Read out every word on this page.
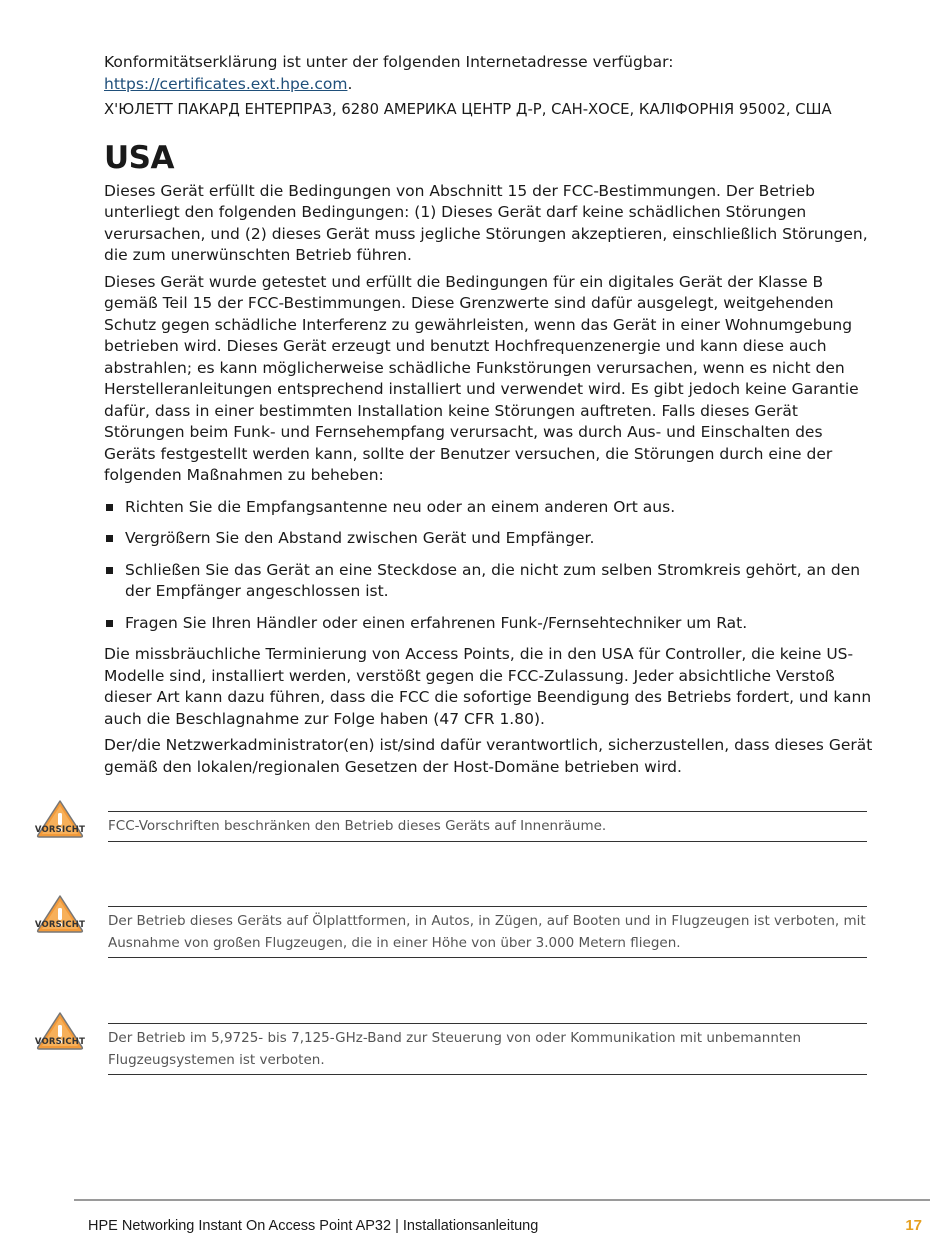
Konformitätserklärung ist unter der folgenden Internetadresse verfügbar:
https://certificates.ext.hpe.com.

Х'ЮЛЕТТ ПАКАРД ЕНТЕРПРАЗ, 6280 АМЕРИКА ЦЕНТР Д-Р, САН-ХОСЕ, КАЛІФОРНІЯ 95002, США

USA

Dieses Gerät erfüllt die Bedingungen von Abschnitt 15 der FCC-Bestimmungen. Der Betrieb unterliegt den folgenden Bedingungen: (1) Dieses Gerät darf keine schädlichen Störungen verursachen, und (2) dieses Gerät muss jegliche Störungen akzeptieren, einschließlich Störungen, die zum unerwünschten Betrieb führen.

Dieses Gerät wurde getestet und erfüllt die Bedingungen für ein digitales Gerät der Klasse B gemäß Teil 15 der FCC-Bestimmungen. Diese Grenzwerte sind dafür ausgelegt, weitgehenden Schutz gegen schädliche Interferenz zu gewährleisten, wenn das Gerät in einer Wohnumgebung betrieben wird. Dieses Gerät erzeugt und benutzt Hochfrequenzenergie und kann diese auch abstrahlen; es kann möglicherweise schädliche Funkstörungen verursachen, wenn es nicht den Herstelleranleitungen entsprechend installiert und verwendet wird. Es gibt jedoch keine Garantie dafür, dass in einer bestimmten Installation keine Störungen auftreten. Falls dieses Gerät Störungen beim Funk- und Fernsehempfang verursacht, was durch Aus- und Einschalten des Geräts festgestellt werden kann, sollte der Benutzer versuchen, die Störungen durch eine der folgenden Maßnahmen zu beheben:

Richten Sie die Empfangsantenne neu oder an einem anderen Ort aus.
Vergrößern Sie den Abstand zwischen Gerät und Empfänger.
Schließen Sie das Gerät an eine Steckdose an, die nicht zum selben Stromkreis gehört, an den der Empfänger angeschlossen ist.
Fragen Sie Ihren Händler oder einen erfahrenen Funk-/Fernsehtechniker um Rat.

Die missbräuchliche Terminierung von Access Points, die in den USA für Controller, die keine US-Modelle sind, installiert werden, verstößt gegen die FCC-Zulassung. Jeder absichtliche Verstoß dieser Art kann dazu führen, dass die FCC die sofortige Beendigung des Betriebs fordert, und kann auch die Beschlagnahme zur Folge haben (47 CFR 1.80).

Der/die Netzwerkadministrator(en) ist/sind dafür verantwortlich, sicherzustellen, dass dieses Gerät gemäß den lokalen/regionalen Gesetzen der Host-Domäne betrieben wird.

VORSICHT FCC-Vorschriften beschränken den Betrieb dieses Geräts auf Innenräume.

VORSICHT Der Betrieb dieses Geräts auf Ölplattformen, in Autos, in Zügen, auf Booten und in Flugzeugen ist verboten, mit Ausnahme von großen Flugzeugen, die in einer Höhe von über 3.000 Metern fliegen.

VORSICHT Der Betrieb im 5,9725- bis 7,125-GHz-Band zur Steuerung von oder Kommunikation mit unbemannten Flugzeugsystemen ist verboten.

HPE Networking Instant On Access Point AP32 | Installationsanleitung	17
